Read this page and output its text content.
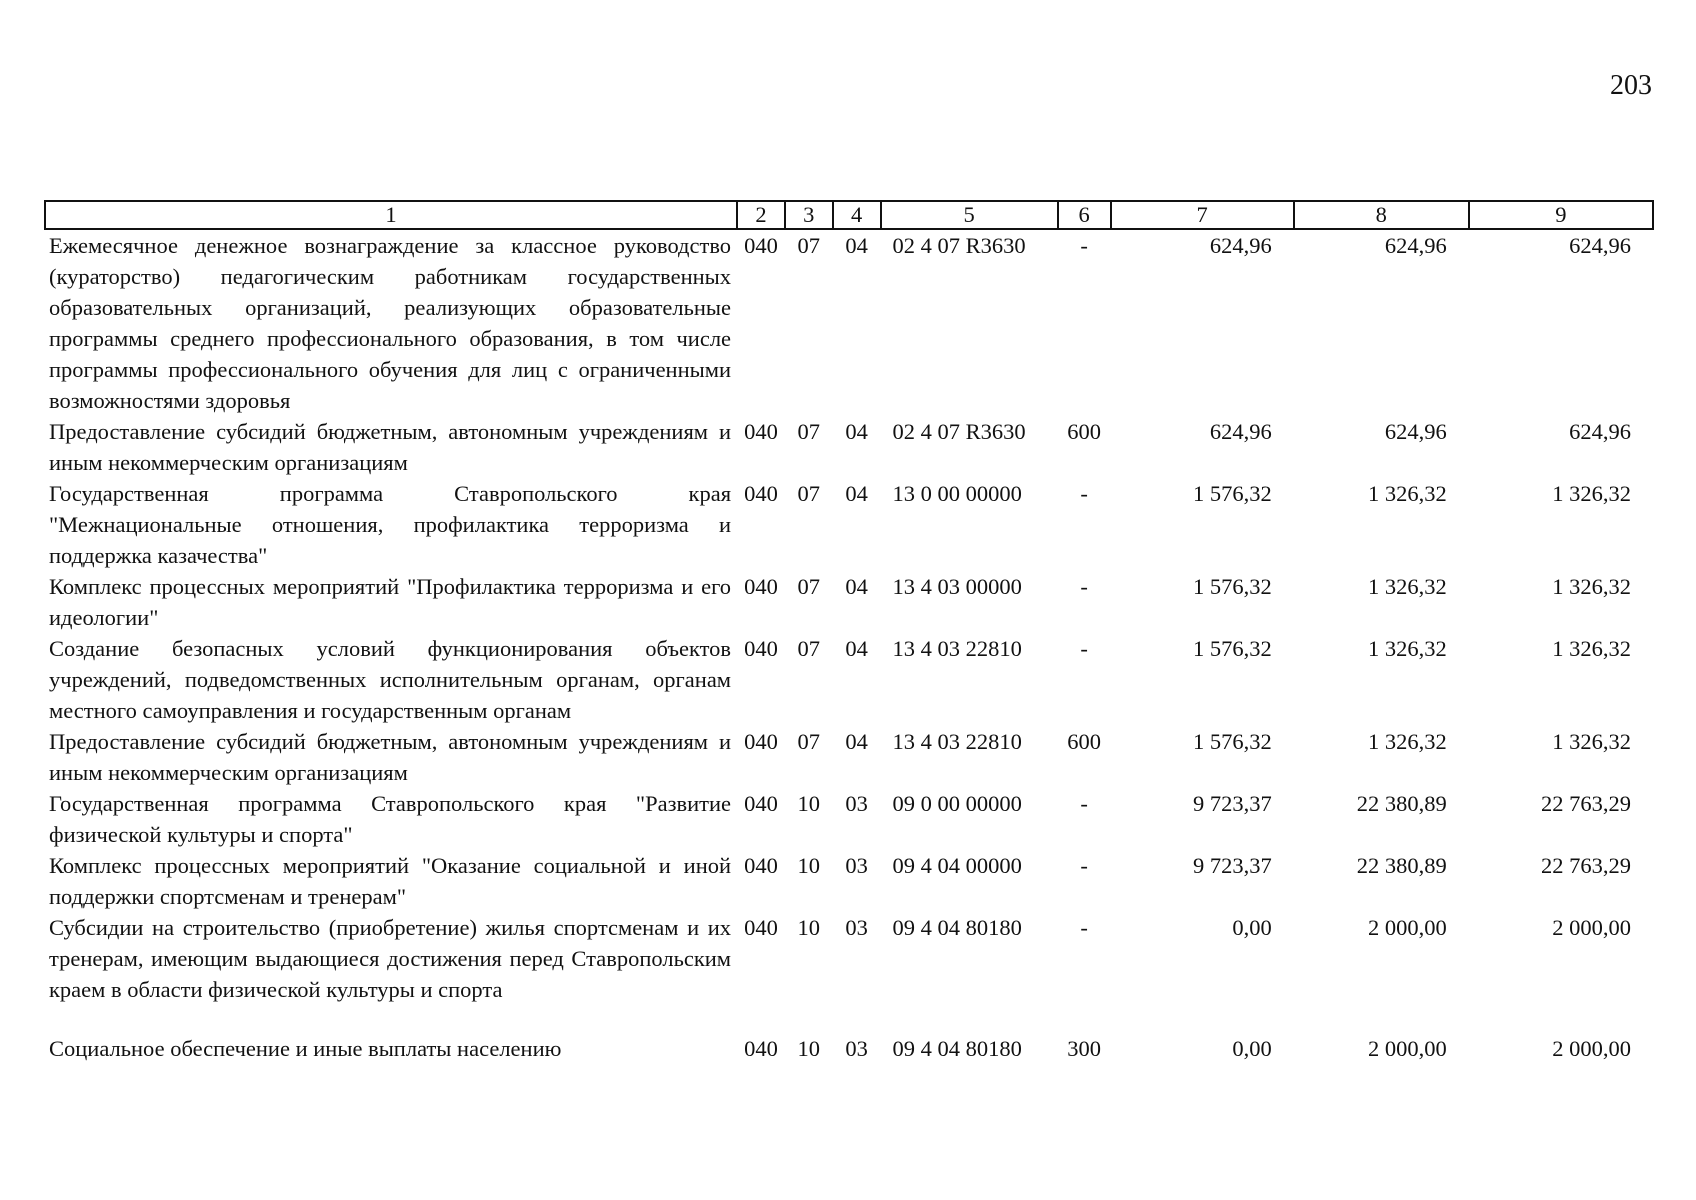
203
1	2	3	4	5	6	7	8	9
Ежемесячное денежное вознаграждение за классное руководство (кураторство) педагогическим работникам государственных образовательных организаций, реализующих образовательные программы среднего профессионального образования, в том числе программы профессионального обучения для лиц с ограниченными возможностями здоровья	040	07	04	02 4 07 R3630	-	624,96	624,96	624,96
Предоставление субсидий бюджетным, автономным учреждениям и иным некоммерческим организациям	040	07	04	02 4 07 R3630	600	624,96	624,96	624,96
Государственная программа Ставропольского края "Межнациональные отношения, профилактика терроризма и поддержка казачества"	040	07	04	13 0 00 00000	-	1 576,32	1 326,32	1 326,32
Комплекс процессных мероприятий "Профилактика терроризма и его идеологии"	040	07	04	13 4 03 00000	-	1 576,32	1 326,32	1 326,32
Создание безопасных условий функционирования объектов учреждений, подведомственных исполнительным органам, органам местного самоуправления и государственным органам	040	07	04	13 4 03 22810	-	1 576,32	1 326,32	1 326,32
Предоставление субсидий бюджетным, автономным учреждениям и иным некоммерческим организациям	040	07	04	13 4 03 22810	600	1 576,32	1 326,32	1 326,32
Государственная программа Ставропольского края "Развитие физической культуры и спорта"	040	10	03	09 0 00 00000	-	9 723,37	22 380,89	22 763,29
Комплекс процессных мероприятий "Оказание социальной и иной поддержки спортсменам и тренерам"	040	10	03	09 4 04 00000	-	9 723,37	22 380,89	22 763,29
Субсидии на строительство (приобретение) жилья спортсменам и их тренерам, имеющим выдающиеся достижения перед Ставропольским краем в области физической культуры и спорта	040	10	03	09 4 04 80180	-	0,00	2 000,00	2 000,00
Социальное обеспечение и иные выплаты населению	040	10	03	09 4 04 80180	300	0,00	2 000,00	2 000,00
